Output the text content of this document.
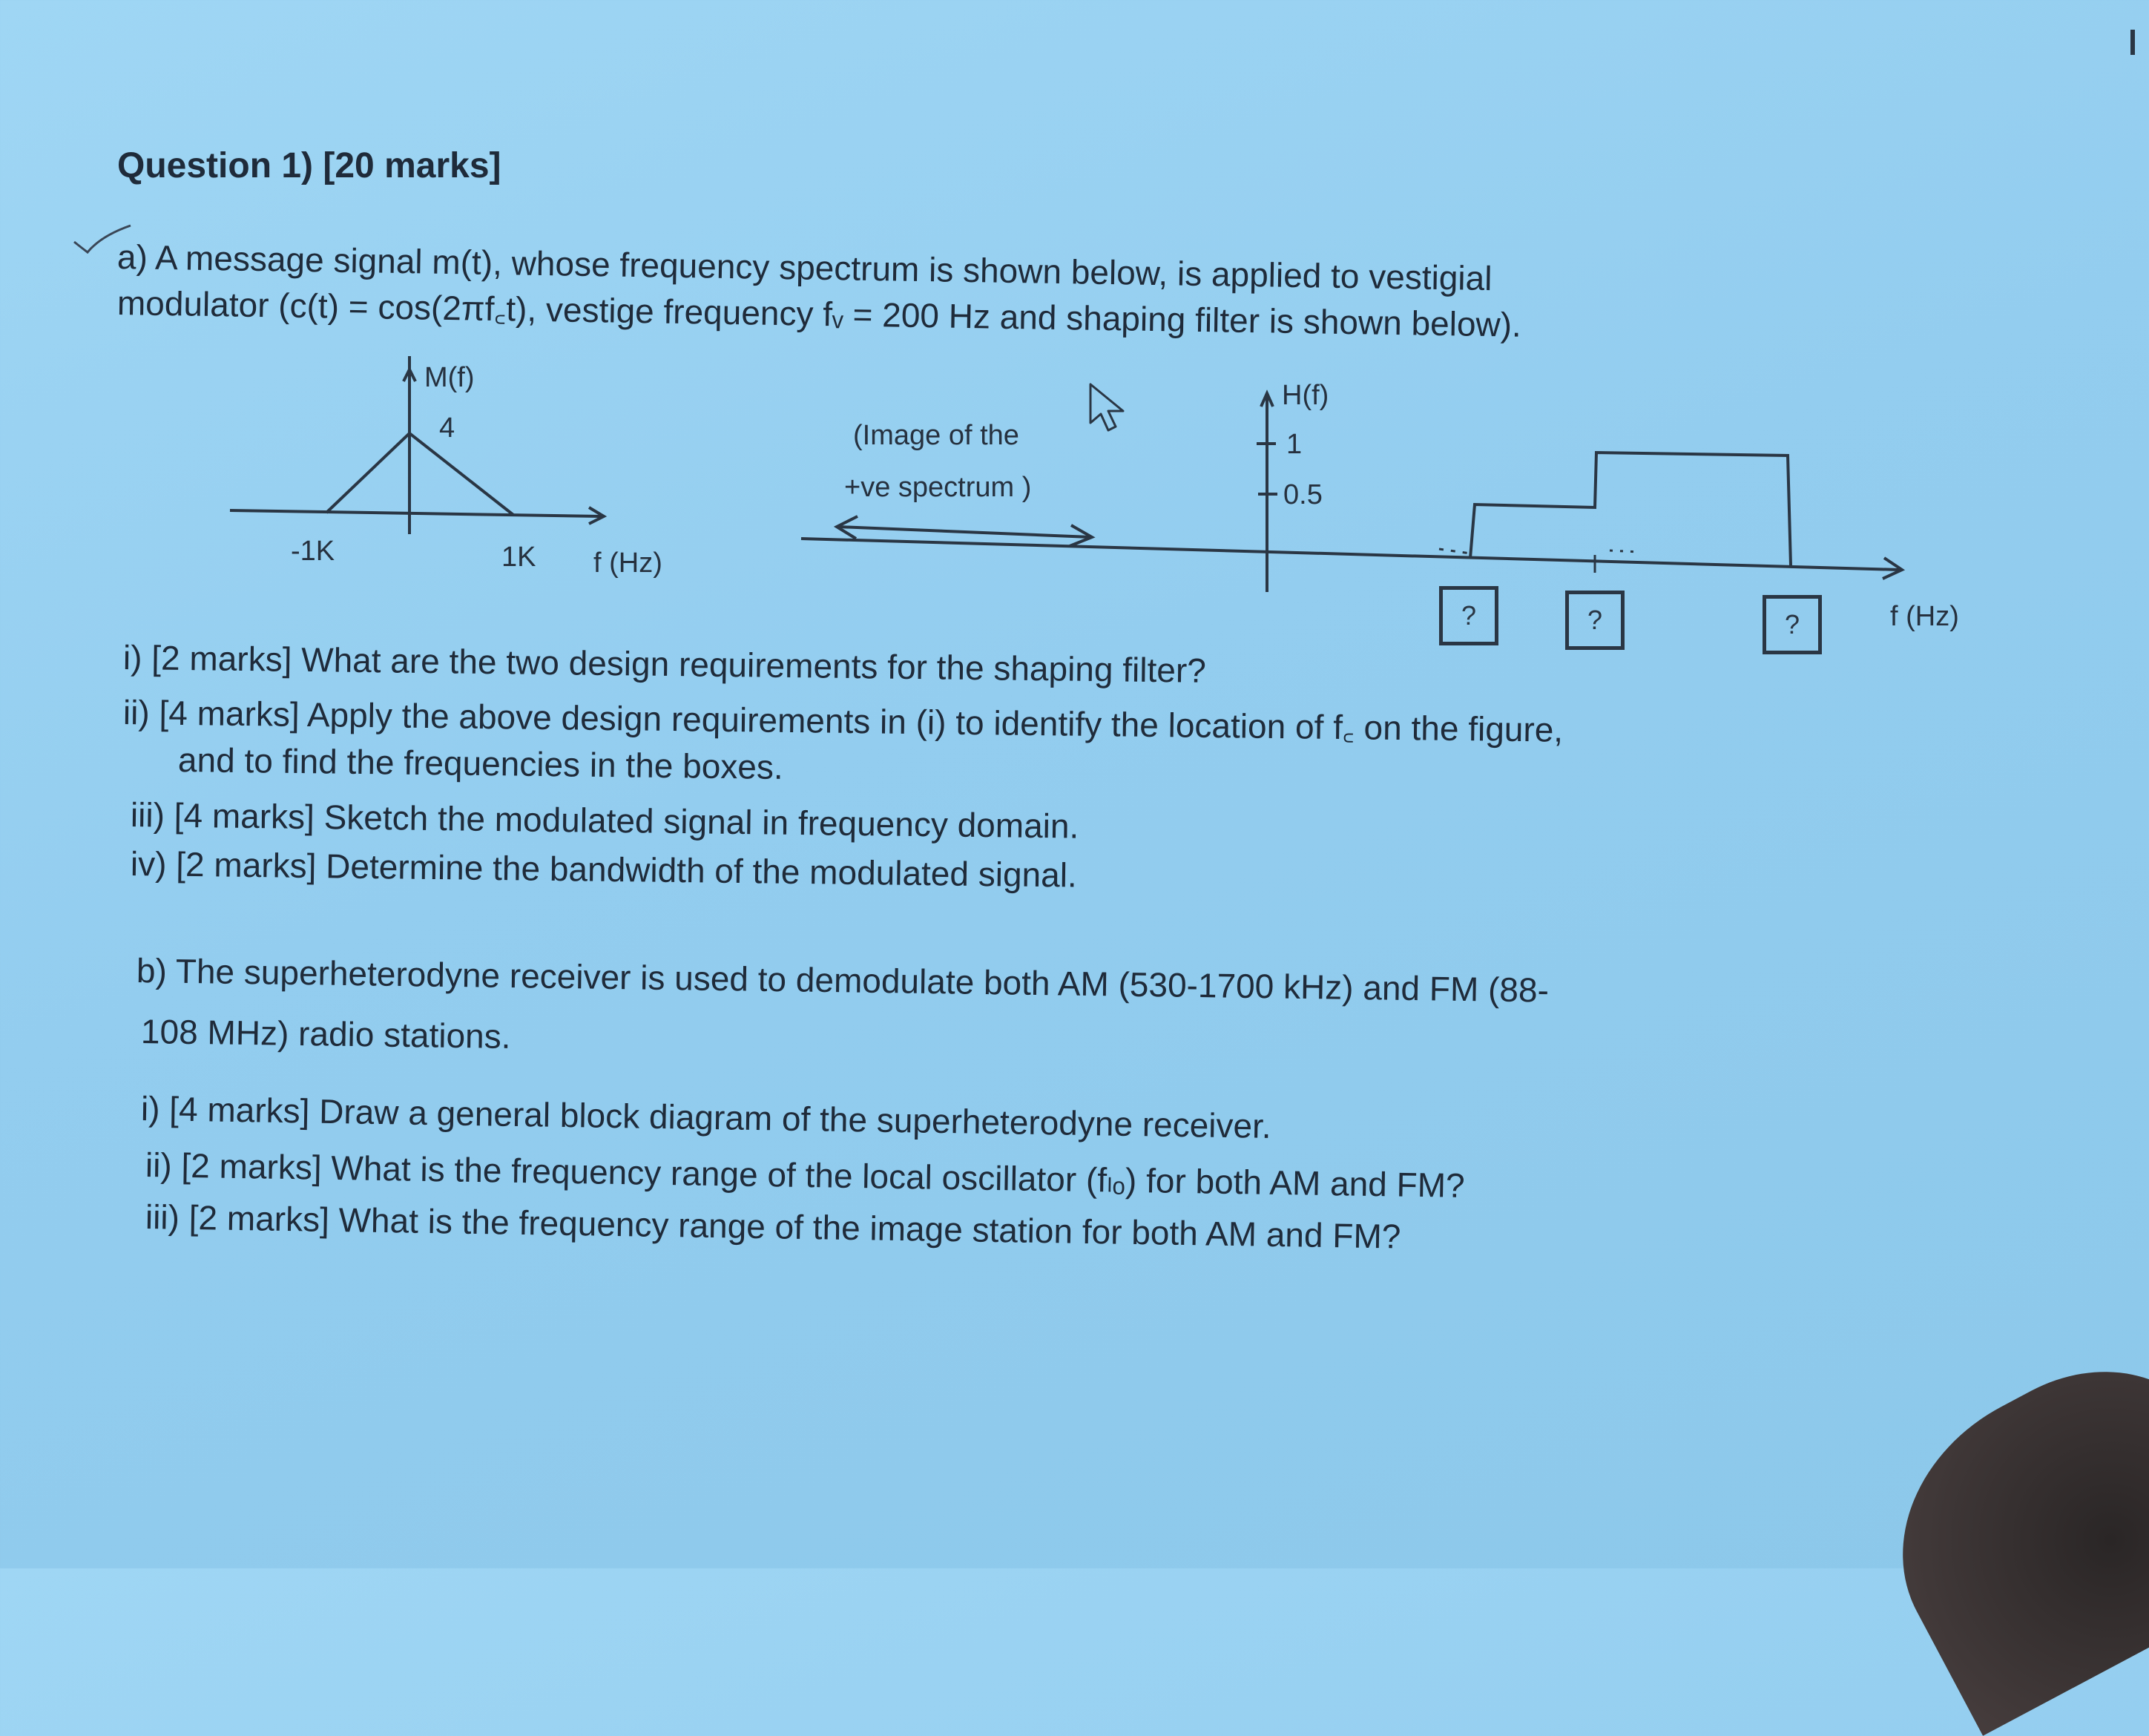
Question 1) [20 marks]
a) A message signal m(t), whose frequency spectrum is shown below, is applied to vestigial
modulator (c(t) = cos(2πf꜀t), vestige frequency fᵥ = 200 Hz and shaping filter is shown below).
M(f)
4
-1K	1K f (Hz)
(Image of the
+ve spectrum )
H(f)
1
0.5
?	?	?	f (Hz)
i) [2 marks] What are the two design requirements for the shaping filter?
ii) [4 marks] Apply the above design requirements in (i) to identify the location of f꜀ on the figure,
and to find the frequencies in the boxes.
iii) [4 marks] Sketch the modulated signal in frequency domain.
iv) [2 marks] Determine the bandwidth of the modulated signal.
b) The superheterodyne receiver is used to demodulate both AM (530-1700 kHz) and FM (88-
108 MHz) radio stations.
i) [4 marks] Draw a general block diagram of the superheterodyne receiver.
ii) [2 marks] What is the frequency range of the local oscillator (fₗₒ) for both AM and FM?
iii) [2 marks] What is the frequency range of the image station for both AM and FM?
